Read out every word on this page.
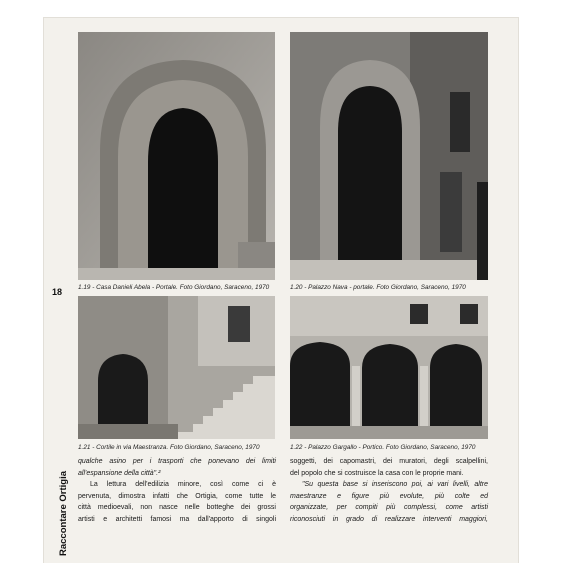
1.19 - Casa Danieli Abela - Portale. Foto Giordano, Saraceno, 1970	1.20 - Palazzo Nava - portale. Foto Giordano, Saraceno, 1970
1.21 - Cortile in via Maestranza. Foto Giordano, Saraceno, 1970	1.22 - Palazzo Gargallo - Portico. Foto Giordano, Saraceno, 1970
18
Raccontare Ortigia
qualche asino per i trasporti che ponevano dei limiti
all'espansione della città".²
La lettura dell'edilizia minore, così come ci è
pervenuta, dimostra infatti che Ortigia, come tutte le
città medioevali, non nasce nelle botteghe dei grossi
artisti e architetti famosi ma dall'apporto di singoli
soggetti, dei capomastri, dei muratori, degli scalpellini,
del popolo che si costruisce la casa con le proprie mani.
"Su questa base si inseriscono poi, ai vari livelli, altre
maestranze e figure più evolute, più colte ed
organizzate, per compiti più complessi, come artisti
riconosciuti in grado di realizzare interventi maggiori,
